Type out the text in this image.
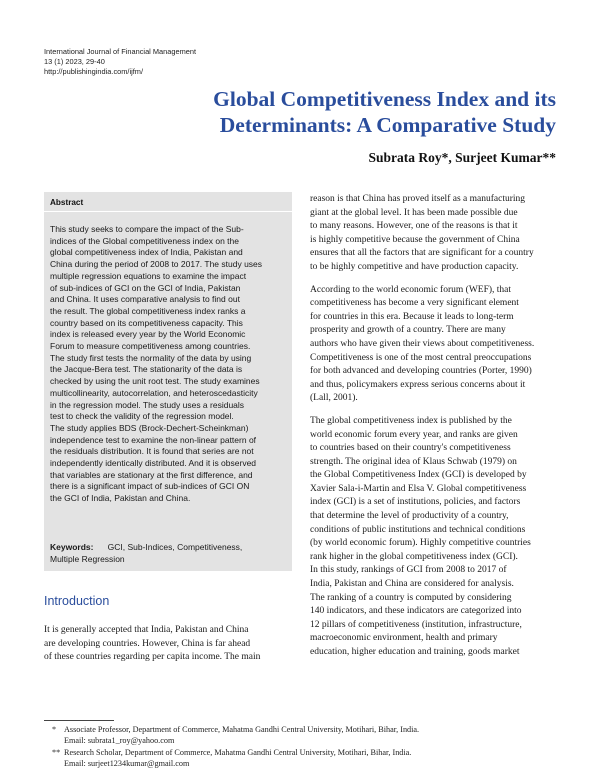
International Journal of Financial Management
13 (1) 2023, 29-40
http://publishingindia.com/ijfm/
Global Competitiveness Index and its
Determinants: A Comparative Study
Subrata Roy*, Surjeet Kumar**
Abstract
This study seeks to compare the impact of the Sub-
indices of the Global competitiveness index on the
global competitiveness index of India, Pakistan and
China during the period of 2008 to 2017. The study uses
multiple regression equations to examine the impact
of sub-indices of GCI on the GCI of India, Pakistan
and China. It uses comparative analysis to find out
the result. The global competitiveness index ranks a
country based on its competitiveness capacity. This
index is released every year by the World Economic
Forum to measure competitiveness among countries.
The study first tests the normality of the data by using
the Jacque-Bera test. The stationarity of the data is
checked by using the unit root test. The study examines
multicollinearity, autocorrelation, and heteroscedasticity
in the regression model. The study uses a residuals
test to check the validity of the regression model.
The study applies BDS (Brock-Dechert-Scheinkman)
independence test to examine the non-linear pattern of
the residuals distribution. It is found that series are not
independently identically distributed. And it is observed
that variables are stationary at the first difference, and
there is a significant impact of sub-indices of GCI ON
the GCI of India, Pakistan and China.
Keywords: GCI, Sub-Indices, Competitiveness,
Multiple Regression
Introduction
It is generally accepted that India, Pakistan and China
are developing countries. However, China is far ahead
of these countries regarding per capita income. The main
reason is that China has proved itself as a manufacturing
giant at the global level. It has been made possible due
to many reasons. However, one of the reasons is that it
is highly competitive because the government of China
ensures that all the factors that are significant for a country
to be highly competitive and have production capacity.
According to the world economic forum (WEF), that
competitiveness has become a very significant element
for countries in this era. Because it leads to long-term
prosperity and growth of a country. There are many
authors who have given their views about competitiveness.
Competitiveness is one of the most central preoccupations
for both advanced and developing countries (Porter, 1990)
and thus, policymakers express serious concerns about it
(Lall, 2001).
The global competitiveness index is published by the
world economic forum every year, and ranks are given
to countries based on their country's competitiveness
strength. The original idea of Klaus Schwab (1979) on
the Global Competitiveness Index (GCI) is developed by
Xavier Sala-i-Martin and Elsa V. Global competitiveness
index (GCI) is a set of institutions, policies, and factors
that determine the level of productivity of a country,
conditions of public institutions and technical conditions
(by world economic forum). Highly competitive countries
rank higher in the global competitiveness index (GCI).
In this study, rankings of GCI from 2008 to 2017 of
India, Pakistan and China are considered for analysis.
The ranking of a country is computed by considering
140 indicators, and these indicators are categorized into
12 pillars of competitiveness (institution, infrastructure,
macroeconomic environment, health and primary
education, higher education and training, goods market
* Associate Professor, Department of Commerce, Mahatma Gandhi Central University, Motihari, Bihar, India.
Email: subrata1_roy@yahoo.com
** Research Scholar, Department of Commerce, Mahatma Gandhi Central University, Motihari, Bihar, India.
Email: surjeet1234kumar@gmail.com
